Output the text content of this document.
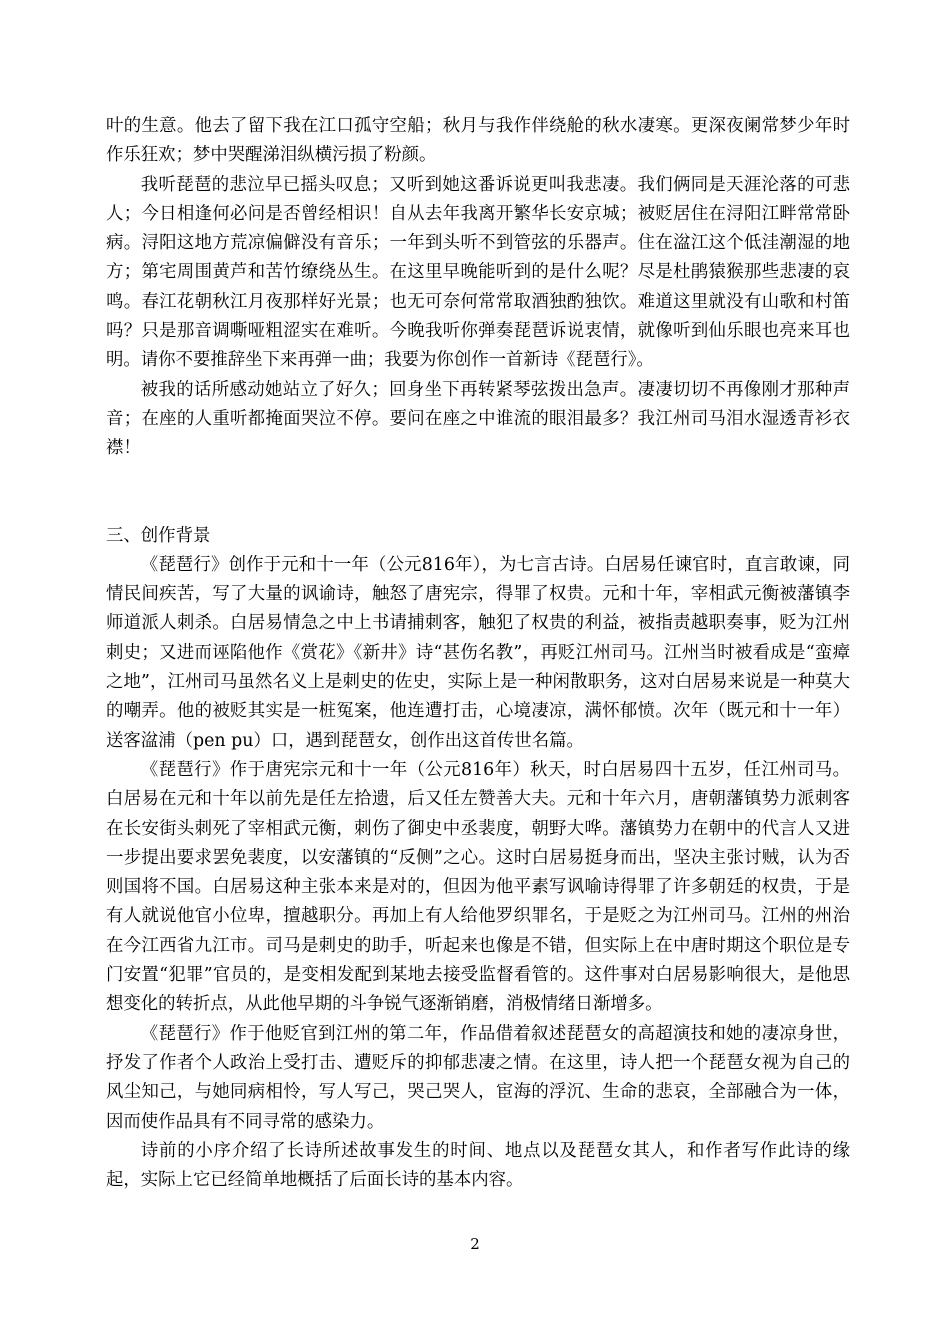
叶的生意。他去了留下我在江口孤守空船；秋月与我作伴绕舱的秋水凄寒。更深夜阑常梦少年时作乐狂欢；梦中哭醒涕泪纵横污损了粉颜。

我听琵琶的悲泣早已摇头叹息；又听到她这番诉说更叫我悲凄。我们俩同是天涯沦落的可悲人；今日相逢何必问是否曾经相识！自从去年我离开繁华长安京城；被贬居住在浔阳江畔常常卧病。浔阳这地方荒凉偏僻没有音乐；一年到头听不到管弦的乐器声。住在湓江这个低洼潮湿的地方；第宅周围黄芦和苦竹缭绕丛生。在这里早晚能听到的是什么呢？尽是杜鹃猿猴那些悲凄的哀鸣。春江花朝秋江月夜那样好光景；也无可奈何常常取酒独酌独饮。难道这里就没有山歌和村笛吗？只是那音调嘶哑粗涩实在难听。今晚我听你弹奏琵琶诉说衷情，就像听到仙乐眼也亮来耳也明。请你不要推辞坐下来再弹一曲；我要为你创作一首新诗《琵琶行》。

被我的话所感动她站立了好久；回身坐下再转紧琴弦拨出急声。凄凄切切不再像刚才那种声音；在座的人重听都掩面哭泣不停。要问在座之中谁流的眼泪最多？我江州司马泪水湿透青衫衣襟！

三、创作背景

《琵琶行》创作于元和十一年（公元816年），为七言古诗。白居易任谏官时，直言敢谏，同情民间疾苦，写了大量的讽谕诗，触怒了唐宪宗，得罪了权贵。元和十年，宰相武元衡被藩镇李师道派人刺杀。白居易情急之中上书请捕刺客，触犯了权贵的利益，被指责越职奏事，贬为江州刺史；又进而诬陷他作《赏花》《新井》诗“甚伤名教”，再贬江州司马。江州当时被看成是“蛮瘴之地”，江州司马虽然名义上是刺史的佐史，实际上是一种闲散职务，这对白居易来说是一种莫大的嘲弄。他的被贬其实是一桩冤案，他连遭打击，心境凄凉，满怀郁愤。次年（既元和十一年）送客湓浦（pen pu）口，遇到琵琶女，创作出这首传世名篇。

《琵琶行》作于唐宪宗元和十一年（公元816年）秋天，时白居易四十五岁，任江州司马。白居易在元和十年以前先是任左拾遗，后又任左赞善大夫。元和十年六月，唐朝藩镇势力派刺客在长安街头刺死了宰相武元衡，刺伤了御史中丞裴度，朝野大哗。藩镇势力在朝中的代言人又进一步提出要求罢免裴度，以安藩镇的“反侧”之心。这时白居易挺身而出，坚决主张讨贼，认为否则国将不国。白居易这种主张本来是对的，但因为他平素写讽喻诗得罪了许多朝廷的权贵，于是有人就说他官小位卑，擅越职分。再加上有人给他罗织罪名，于是贬之为江州司马。江州的州治在今江西省九江市。司马是刺史的助手，听起来也像是不错，但实际上在中唐时期这个职位是专门安置“犯罪”官员的，是变相发配到某地去接受监督看管的。这件事对白居易影响很大，是他思想变化的转折点，从此他早期的斗争锐气逐渐销磨，消极情绪日渐增多。

《琵琶行》作于他贬官到江州的第二年，作品借着叙述琵琶女的高超演技和她的凄凉身世，抒发了作者个人政治上受打击、遭贬斥的抑郁悲凄之情。在这里，诗人把一个琵琶女视为自己的风尘知己，与她同病相怜，写人写己，哭己哭人，宦海的浮沉、生命的悲哀，全部融合为一体，因而使作品具有不同寻常的感染力。

诗前的小序介绍了长诗所述故事发生的时间、地点以及琵琶女其人，和作者写作此诗的缘起，实际上它已经简单地概括了后面长诗的基本内容。

2
